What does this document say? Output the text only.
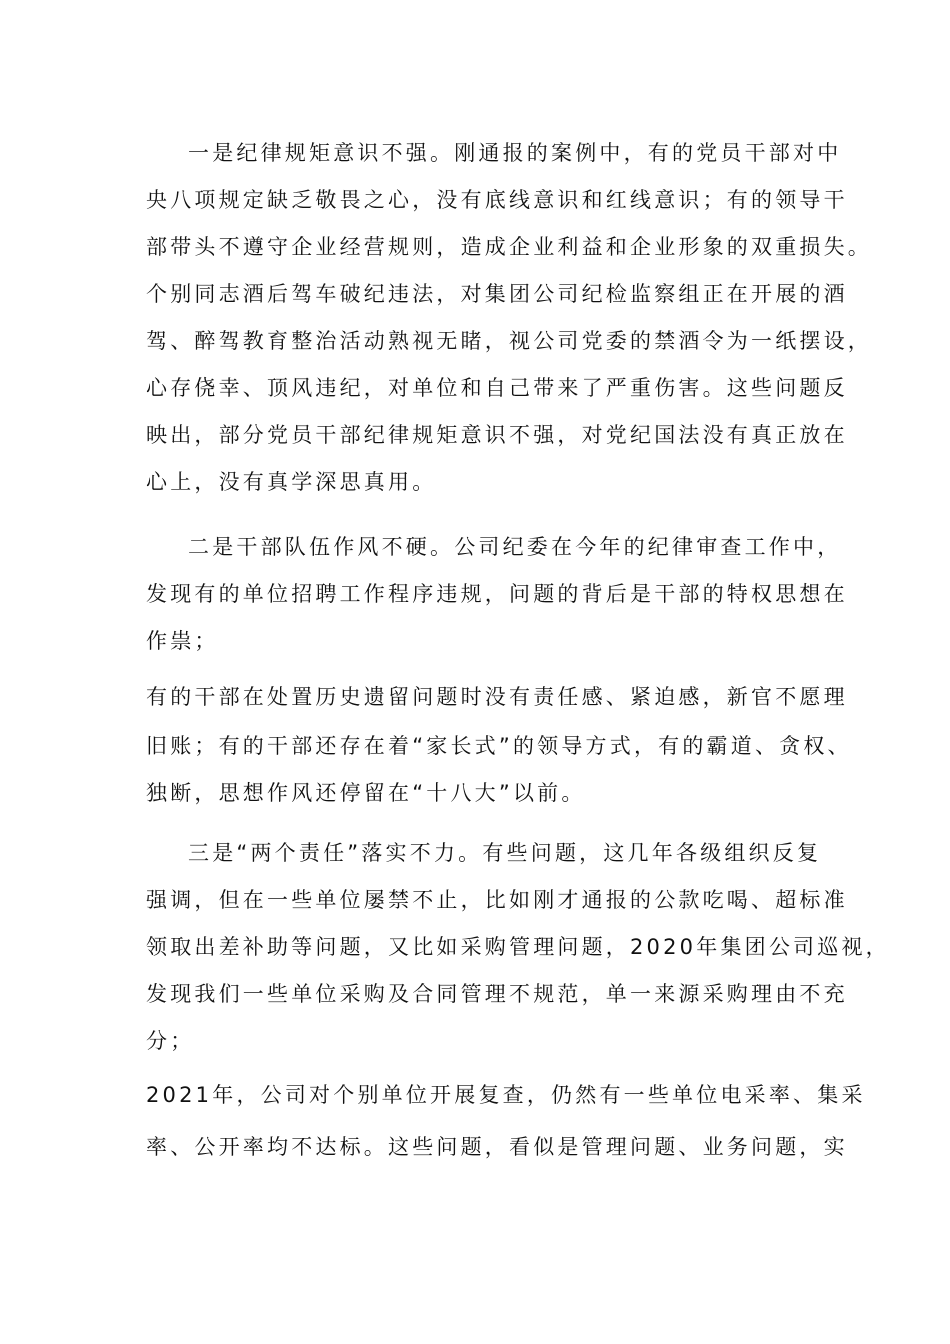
一是纪律规矩意识不强。刚通报的案例中，有的党员干部对中
央八项规定缺乏敬畏之心，没有底线意识和红线意识；有的领导干
部带头不遵守企业经营规则，造成企业利益和企业形象的双重损失。
个别同志酒后驾车破纪违法，对集团公司纪检监察组正在开展的酒
驾、醉驾教育整治活动熟视无睹，视公司党委的禁酒令为一纸摆设，
心存侥幸、顶风违纪，对单位和自己带来了严重伤害。这些问题反
映出，部分党员干部纪律规矩意识不强，对党纪国法没有真正放在
心上，没有真学深思真用。
二是干部队伍作风不硬。公司纪委在今年的纪律审查工作中，
发现有的单位招聘工作程序违规，问题的背后是干部的特权思想在
作祟；
有的干部在处置历史遗留问题时没有责任感、紧迫感，新官不愿理
旧账；有的干部还存在着“家长式”的领导方式，有的霸道、贪权、
独断，思想作风还停留在“十八大”以前。
三是“两个责任”落实不力。有些问题，这几年各级组织反复
强调，但在一些单位屡禁不止，比如刚才通报的公款吃喝、超标准
领取出差补助等问题，又比如采购管理问题，2020年集团公司巡视，
发现我们一些单位采购及合同管理不规范，单一来源采购理由不充
分；
2021年，公司对个别单位开展复查，仍然有一些单位电采率、集采
率、公开率均不达标。这些问题，看似是管理问题、业务问题，实
